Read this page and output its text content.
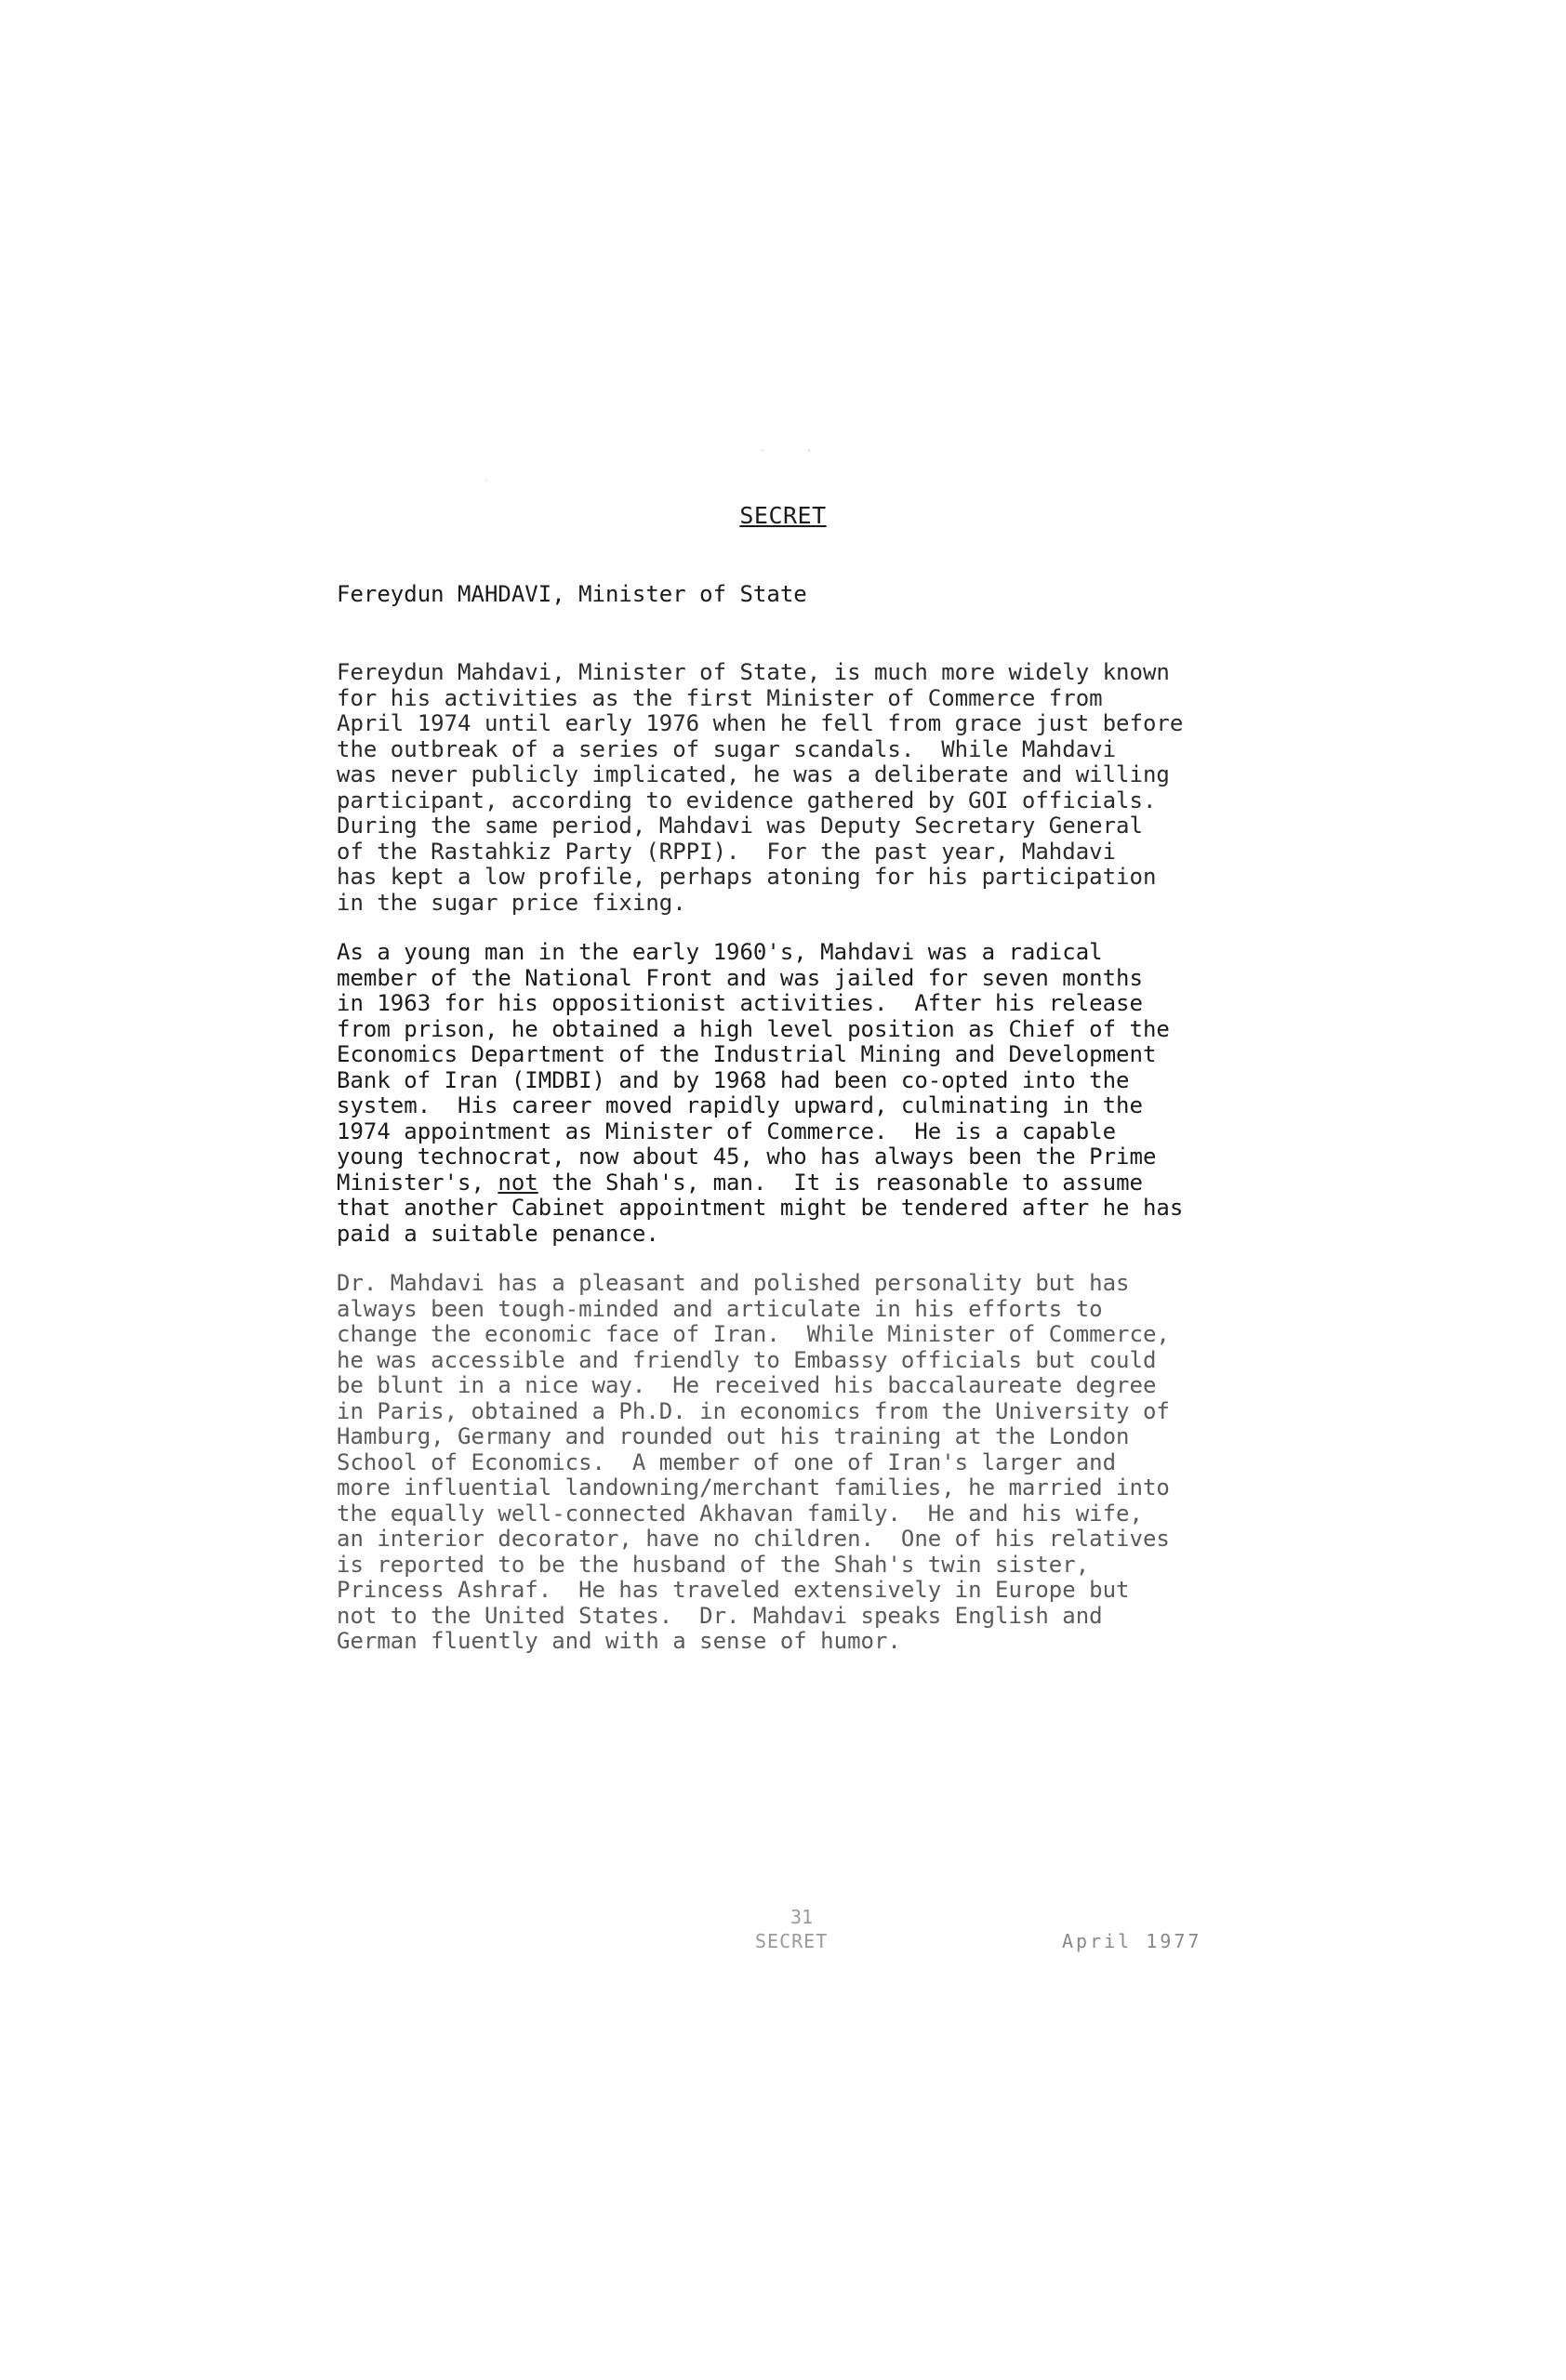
·      ·
·
SECRET
Fereydun MAHDAVI, Minister of State
Fereydun Mahdavi, Minister of State, is much more widely known
for his activities as the first Minister of Commerce from
April 1974 until early 1976 when he fell from grace just before
the outbreak of a series of sugar scandals.  While Mahdavi
was never publicly implicated, he was a deliberate and willing
participant, according to evidence gathered by GOI officials.
During the same period, Mahdavi was Deputy Secretary General
of the Rastahkiz Party (RPPI).  For the past year, Mahdavi
has kept a low profile, perhaps atoning for his participation
in the sugar price fixing.
As a young man in the early 1960's, Mahdavi was a radical
member of the National Front and was jailed for seven months
in 1963 for his oppositionist activities.  After his release
from prison, he obtained a high level position as Chief of the
Economics Department of the Industrial Mining and Development
Bank of Iran (IMDBI) and by 1968 had been co-opted into the
system.  His career moved rapidly upward, culminating in the
1974 appointment as Minister of Commerce.  He is a capable
young technocrat, now about 45, who has always been the Prime
Minister's, not the Shah's, man.  It is reasonable to assume
that another Cabinet appointment might be tendered after he has
paid a suitable penance.
Dr. Mahdavi has a pleasant and polished personality but has
always been tough-minded and articulate in his efforts to
change the economic face of Iran.  While Minister of Commerce,
he was accessible and friendly to Embassy officials but could
be blunt in a nice way.  He received his baccalaureate degree
in Paris, obtained a Ph.D. in economics from the University of
Hamburg, Germany and rounded out his training at the London
School of Economics.  A member of one of Iran's larger and
more influential landowning/merchant families, he married into
the equally well-connected Akhavan family.  He and his wife,
an interior decorator, have no children.  One of his relatives
is reported to be the husband of the Shah's twin sister,
Princess Ashraf.  He has traveled extensively in Europe but
not to the United States.  Dr. Mahdavi speaks English and
German fluently and with a sense of humor.
31
SECRET	April 1977
